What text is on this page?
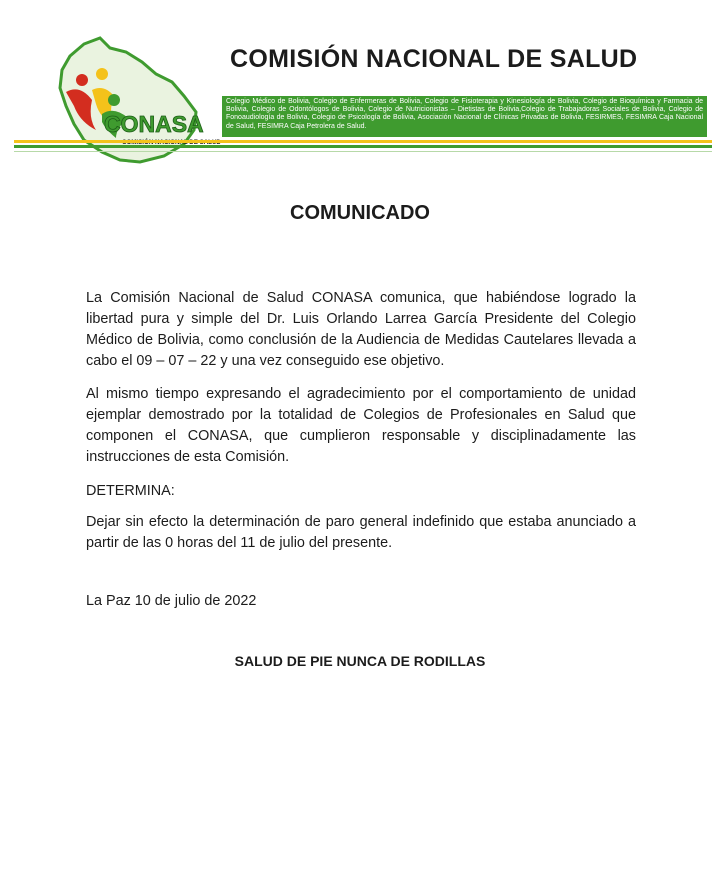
CONASA
COMISIÓN NACIONAL DE SALUD
Colegio Médico de Bolivia, Colegio de Enfermeras de Bolivia, Colegio de Fisioterapia y Kinesiología de Bolivia, Colegio de Bioquímica y Farmacia de Bolivia, Colegio de Odontólogos de Bolivia, Colegio de Nutricionistas – Dietistas de Bolivia,Colegio de Trabajadoras Sociales de Bolivia, Colegio de Fonoaudiología de Bolivia, Colegio de Psicología de Bolivia, Asociación Nacional de Clínicas Privadas de Bolivia, FESIRMES, FESIMRA Caja Nacional de Salud, FESIMRA Caja Petrolera de Salud.
COMUNICADO
La Comisión Nacional de Salud CONASA comunica, que habiéndose logrado la libertad pura y simple del Dr. Luis Orlando Larrea García Presidente del Colegio Médico de Bolivia, como conclusión de la Audiencia de Medidas Cautelares llevada a cabo el 09 – 07 – 22 y una vez conseguido ese objetivo.
Al mismo tiempo expresando el agradecimiento por el comportamiento de unidad ejemplar demostrado por la totalidad de Colegios de Profesionales en Salud que componen el CONASA, que cumplieron responsable y disciplinadamente las instrucciones de esta Comisión.
DETERMINA:
Dejar sin efecto la determinación de paro general indefinido que estaba anunciado a partir de las 0 horas del 11 de julio del presente.
La Paz 10 de julio de 2022
SALUD DE PIE NUNCA DE RODILLAS
